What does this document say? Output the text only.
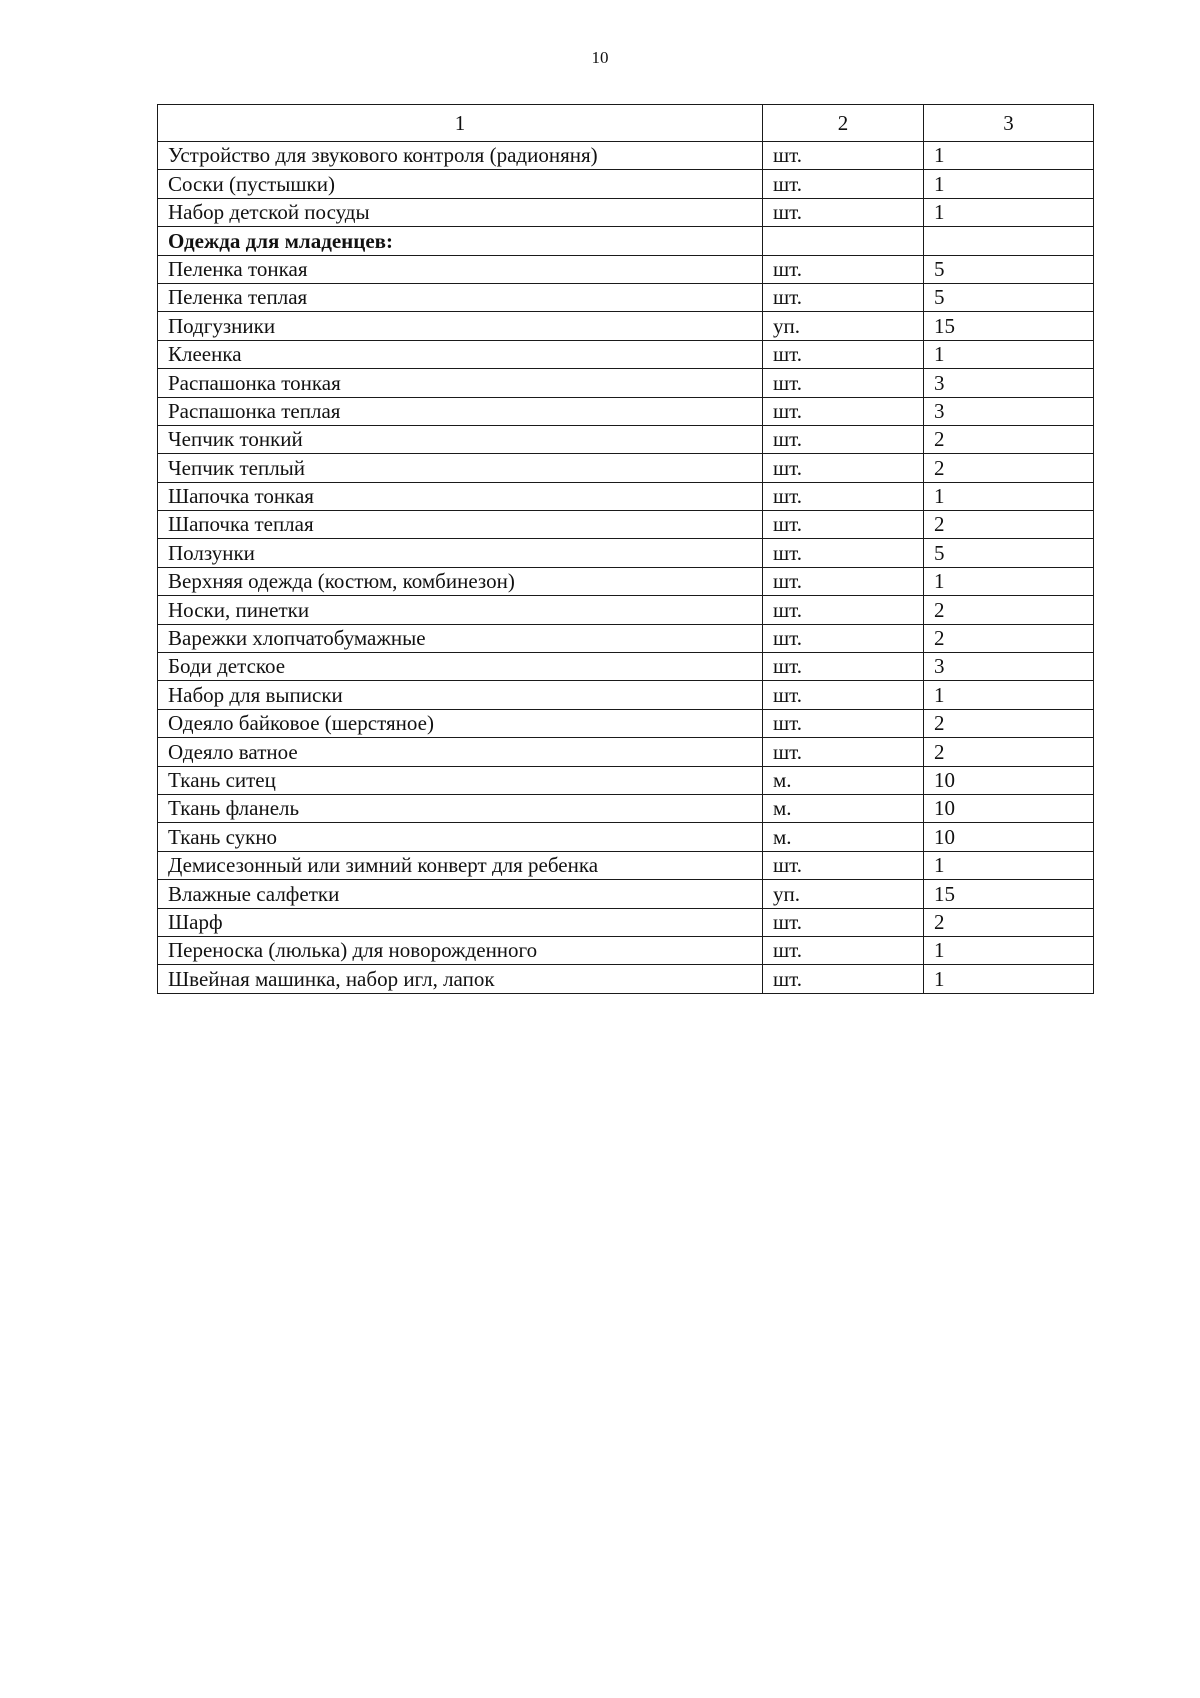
10
1	2	3
Устройство для звукового контроля (радионяня)	шт.	1
Соски (пустышки)	шт.	1
Набор детской посуды	шт.	1
Одежда для младенцев:		
Пеленка тонкая	шт.	5
Пеленка теплая	шт.	5
Подгузники	уп.	15
Клеенка	шт.	1
Распашонка тонкая	шт.	3
Распашонка теплая	шт.	3
Чепчик тонкий	шт.	2
Чепчик теплый	шт.	2
Шапочка тонкая	шт.	1
Шапочка теплая	шт.	2
Ползунки	шт.	5
Верхняя одежда (костюм, комбинезон)	шт.	1
Носки, пинетки	шт.	2
Варежки хлопчатобумажные	шт.	2
Боди детское	шт.	3
Набор для выписки	шт.	1
Одеяло байковое (шерстяное)	шт.	2
Одеяло ватное	шт.	2
Ткань ситец	м.	10
Ткань фланель	м.	10
Ткань сукно	м.	10
Демисезонный или зимний конверт для ребенка	шт.	1
Влажные салфетки	уп.	15
Шарф	шт.	2
Переноска (люлька) для новорожденного	шт.	1
Швейная машинка, набор игл, лапок	шт.	1
